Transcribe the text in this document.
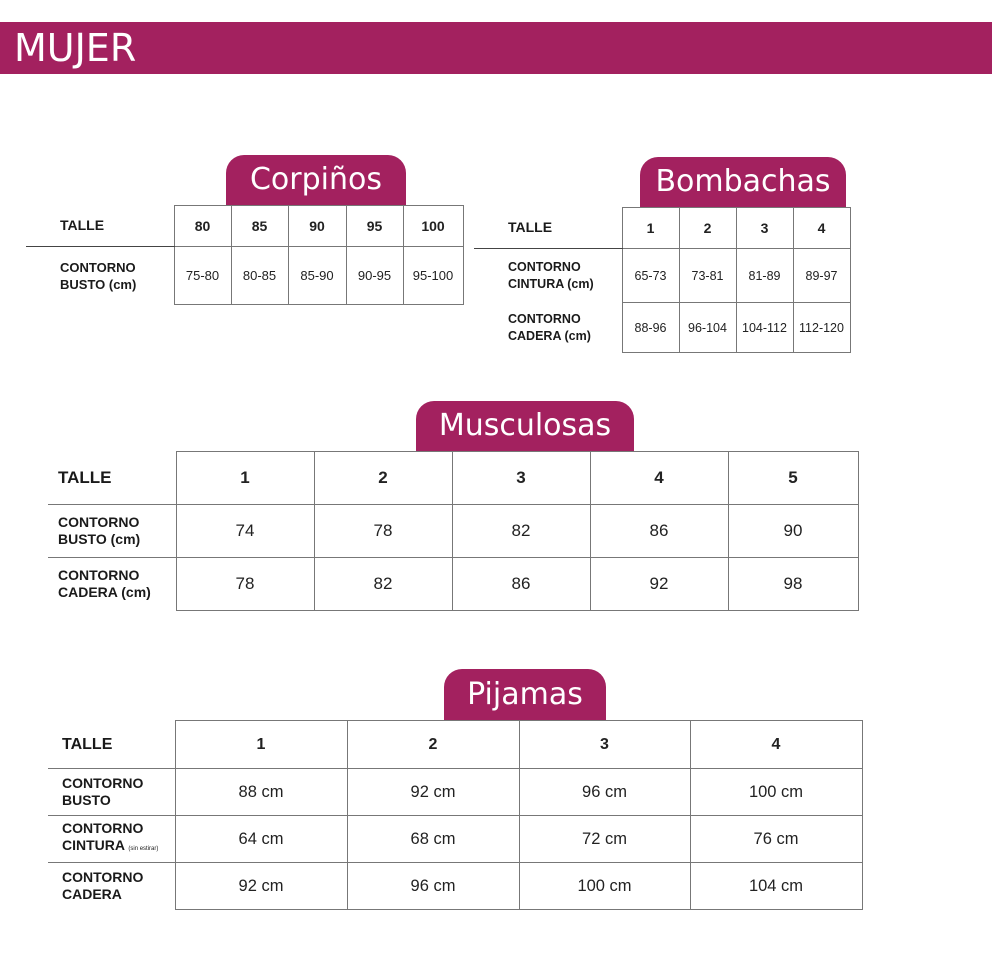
MUJER
Corpiños
TALLE	80	85	90	95	100
CONTORNO
BUSTO (cm)	75-80	80-85	85-90	90-95	95-100
Bombachas
TALLE	1	2	3	4
CONTORNO
CINTURA (cm)	65-73	73-81	81-89	89-97
CONTORNO
CADERA (cm)	88-96	96-104	104-112	112-120
Musculosas
TALLE	1	2	3	4	5
CONTORNO
BUSTO (cm)	74	78	82	86	90
CONTORNO
CADERA (cm)	78	82	86	92	98
Pijamas
TALLE	1	2	3	4
CONTORNO
BUSTO	88 cm	92 cm	96 cm	100 cm
CONTORNO
CINTURA (sin estirar)	64 cm	68 cm	72 cm	76 cm
CONTORNO
CADERA	92 cm	96 cm	100 cm	104 cm
